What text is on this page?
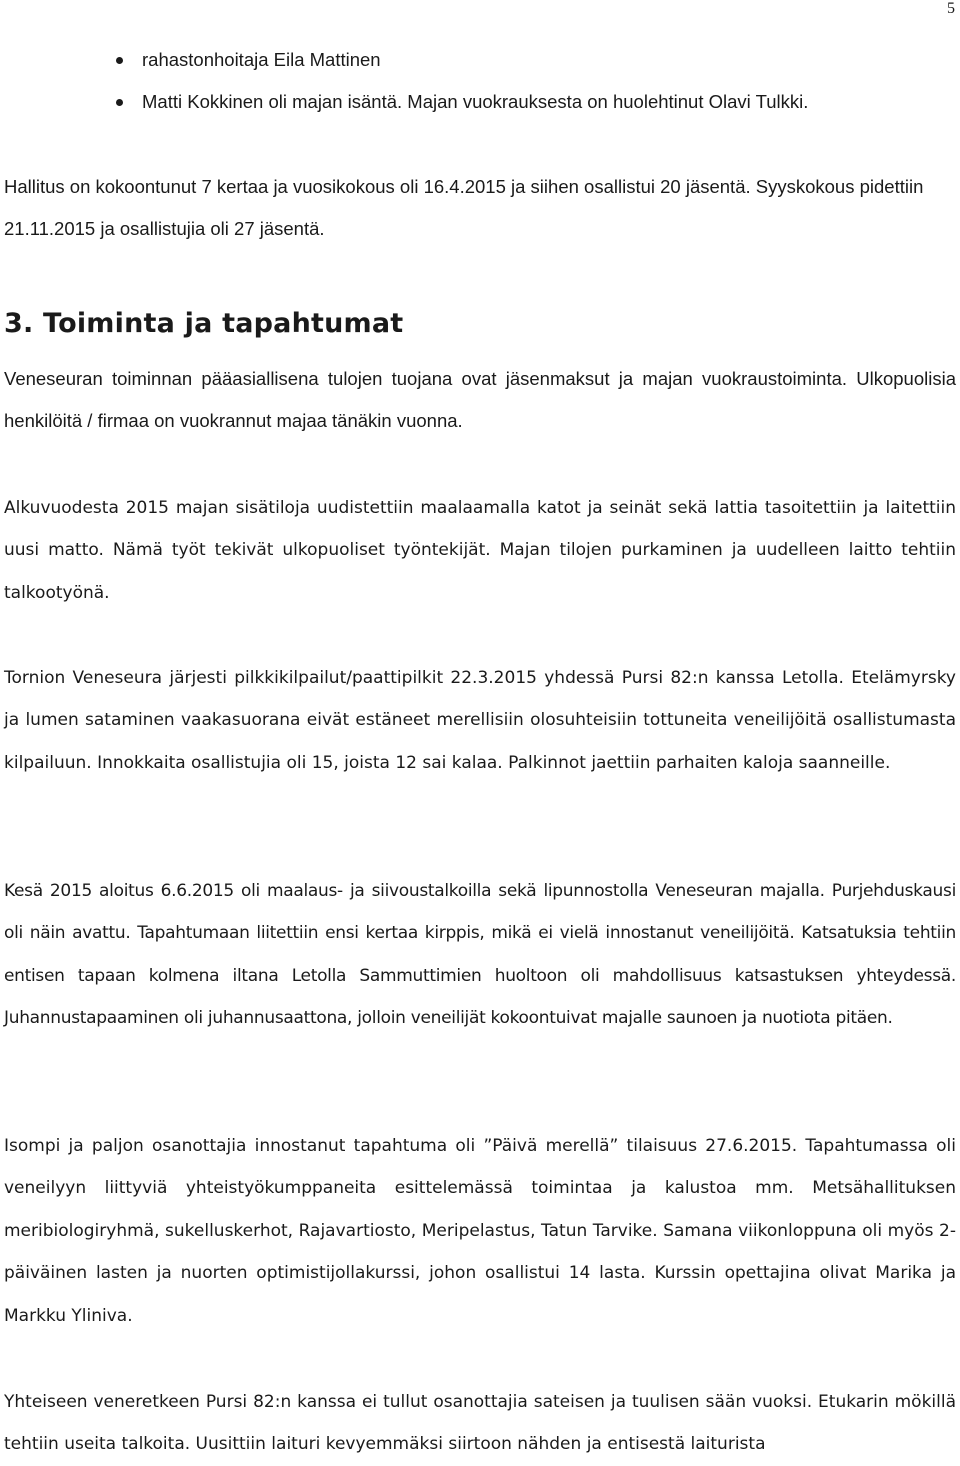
5
rahastonhoitaja Eila Mattinen
Matti Kokkinen oli majan isäntä. Majan vuokrauksesta on huolehtinut Olavi Tulkki.

Hallitus on kokoontunut 7 kertaa ja vuosikokous oli 16.4.2015 ja siihen osallistui 20 jäsentä. Syyskokous pidettiin 21.11.2015 ja osallistujia oli 27 jäsentä.

3. Toiminta ja tapahtumat

Veneseuran toiminnan pääasiallisena tulojen tuojana ovat jäsenmaksut ja majan vuokraustoiminta. Ulkopuolisia henkilöitä / firmaa on vuokrannut majaa tänäkin vuonna.

Alkuvuodesta 2015 majan sisätiloja uudistettiin maalaamalla katot ja seinät sekä lattia tasoitettiin ja laitettiin uusi matto. Nämä työt tekivät ulkopuoliset työntekijät. Majan tilojen purkaminen ja uudelleen laitto tehtiin talkootyönä.

Tornion Veneseura järjesti pilkkikilpailut/paattipilkit 22.3.2015 yhdessä Pursi 82:n kanssa Letolla. Etelämyrsky ja lumen sataminen vaakasuorana eivät estäneet merellisiin olosuhteisiin tottuneita veneilijöitä osallistumasta kilpailuun. Innokkaita osallistujia oli 15, joista 12 sai kalaa. Palkinnot jaettiin parhaiten kaloja saanneille.

Kesä 2015 aloitus 6.6.2015 oli maalaus- ja siivoustalkoilla sekä lipunnostolla Veneseuran majalla. Purjehduskausi oli näin avattu. Tapahtumaan liitettiin ensi kertaa kirppis, mikä ei vielä innostanut veneilijöitä. Katsatuksia tehtiin entisen tapaan kolmena iltana Letolla Sammuttimien huoltoon oli mahdollisuus katsastuksen yhteydessä. Juhannustapaaminen oli juhannusaattona, jolloin veneilijät kokoontuivat majalle saunoen ja nuotiota pitäen.

Isompi ja paljon osanottajia innostanut tapahtuma oli ”Päivä merellä” tilaisuus 27.6.2015. Tapahtumassa oli veneilyyn liittyviä yhteistyökumppaneita esittelemässä toimintaa ja kalustoa mm. Metsähallituksen meribiologiryhmä, sukelluskerhot, Rajavartiosto, Meripelastus, Tatun Tarvike. Samana viikonloppuna oli myös 2-päiväinen lasten ja nuorten optimistijollakurssi, johon osallistui 14 lasta. Kurssin opettajina olivat Marika ja Markku Yliniva.

Yhteiseen veneretkeen Pursi 82:n kanssa ei tullut osanottajia sateisen ja tuulisen sään vuoksi. Etukarin mökillä tehtiin useita talkoita. Uusittiin laituri kevyemmäksi siirtoon nähden ja entisestä laiturista
